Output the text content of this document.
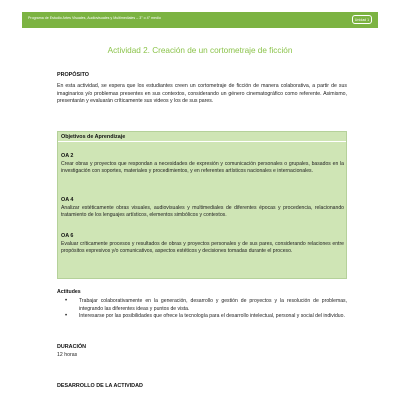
Programa de Estudio Artes Visuales, Audiovisuales y Multimediales – 3° o 4° medio	Unidad 1
Actividad 2. Creación de un cortometraje de ficción
PROPÓSITO
En esta actividad, se espera que los estudiantes creen un cortometraje de ficción de manera colaborativa, a partir de sus imaginarios y/o problemas presentes en sus contextos, considerando un género cinematográfico como referente. Asimismo, presentarán y evaluarán críticamente sus videos y los de sus pares.
Objetivos de Aprendizaje
OA 2
Crear obras y proyectos que respondan a necesidades de expresión y comunicación personales o grupales, basados en la investigación con soportes, materiales y procedimientos, y en referentes artísticos nacionales e internacionales.
OA 4
Analizar estéticamente obras visuales, audiovisuales y multimediales de diferentes épocas y procedencia, relacionando tratamiento de los lenguajes artísticos, elementos simbólicos y contextos.
OA 6
Evaluar críticamente procesos y resultados de obras y proyectos personales y de sus pares, considerando relaciones entre propósitos expresivos y/o comunicativos, aspectos estéticos y decisiones tomadas durante el proceso.
Actitudes
• Trabajar colaborativamente en la generación, desarrollo y gestión de proyectos y la resolución de problemas, integrando las diferentes ideas y puntos de vista.
• Interesarse por las posibilidades que ofrece la tecnología para el desarrollo intelectual, personal y social del individuo.
DURACIÓN
12 horas
DESARROLLO DE LA ACTIVIDAD
